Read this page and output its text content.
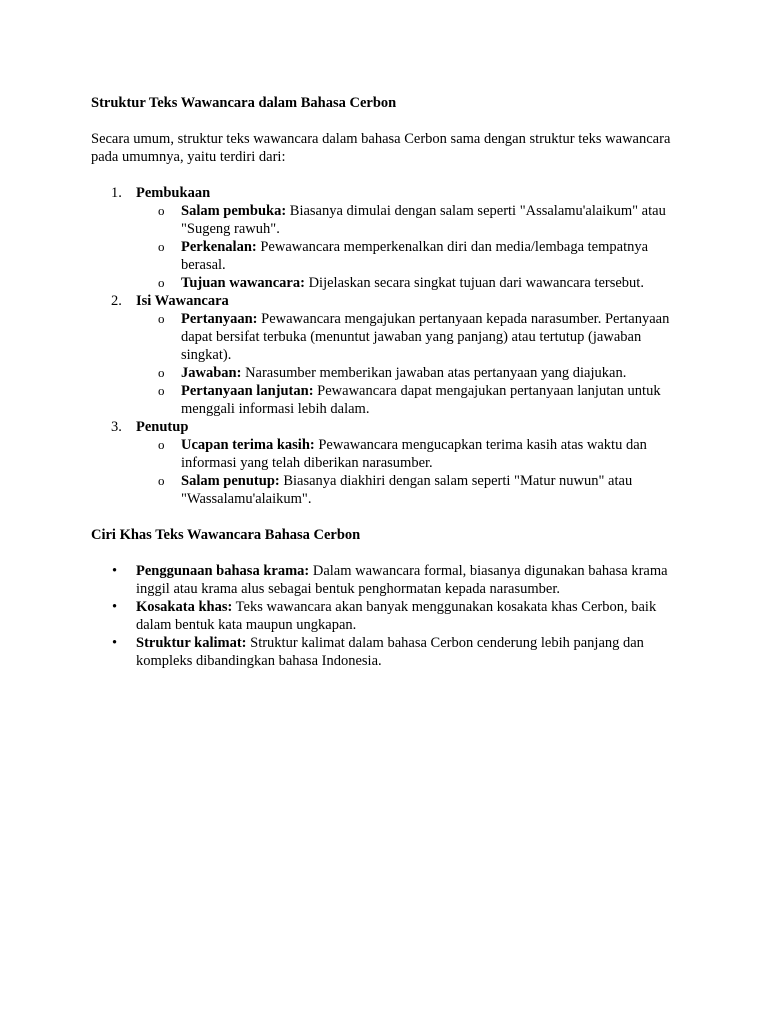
Struktur Teks Wawancara dalam Bahasa Cerbon

Secara umum, struktur teks wawancara dalam bahasa Cerbon sama dengan struktur teks wawancara pada umumnya, yaitu terdiri dari:

1. Pembukaan
o Salam pembuka: Biasanya dimulai dengan salam seperti "Assalamu'alaikum" atau "Sugeng rawuh".
o Perkenalan: Pewawancara memperkenalkan diri dan media/lembaga tempatnya berasal.
o Tujuan wawancara: Dijelaskan secara singkat tujuan dari wawancara tersebut.
2. Isi Wawancara
o Pertanyaan: Pewawancara mengajukan pertanyaan kepada narasumber. Pertanyaan dapat bersifat terbuka (menuntut jawaban yang panjang) atau tertutup (jawaban singkat).
o Jawaban: Narasumber memberikan jawaban atas pertanyaan yang diajukan.
o Pertanyaan lanjutan: Pewawancara dapat mengajukan pertanyaan lanjutan untuk menggali informasi lebih dalam.
3. Penutup
o Ucapan terima kasih: Pewawancara mengucapkan terima kasih atas waktu dan informasi yang telah diberikan narasumber.
o Salam penutup: Biasanya diakhiri dengan salam seperti "Matur nuwun" atau "Wassalamu'alaikum".
Ciri Khas Teks Wawancara Bahasa Cerbon
• Penggunaan bahasa krama: Dalam wawancara formal, biasanya digunakan bahasa krama inggil atau krama alus sebagai bentuk penghormatan kepada narasumber.
• Kosakata khas: Teks wawancara akan banyak menggunakan kosakata khas Cerbon, baik dalam bentuk kata maupun ungkapan.
• Struktur kalimat: Struktur kalimat dalam bahasa Cerbon cenderung lebih panjang dan kompleks dibandingkan bahasa Indonesia.
